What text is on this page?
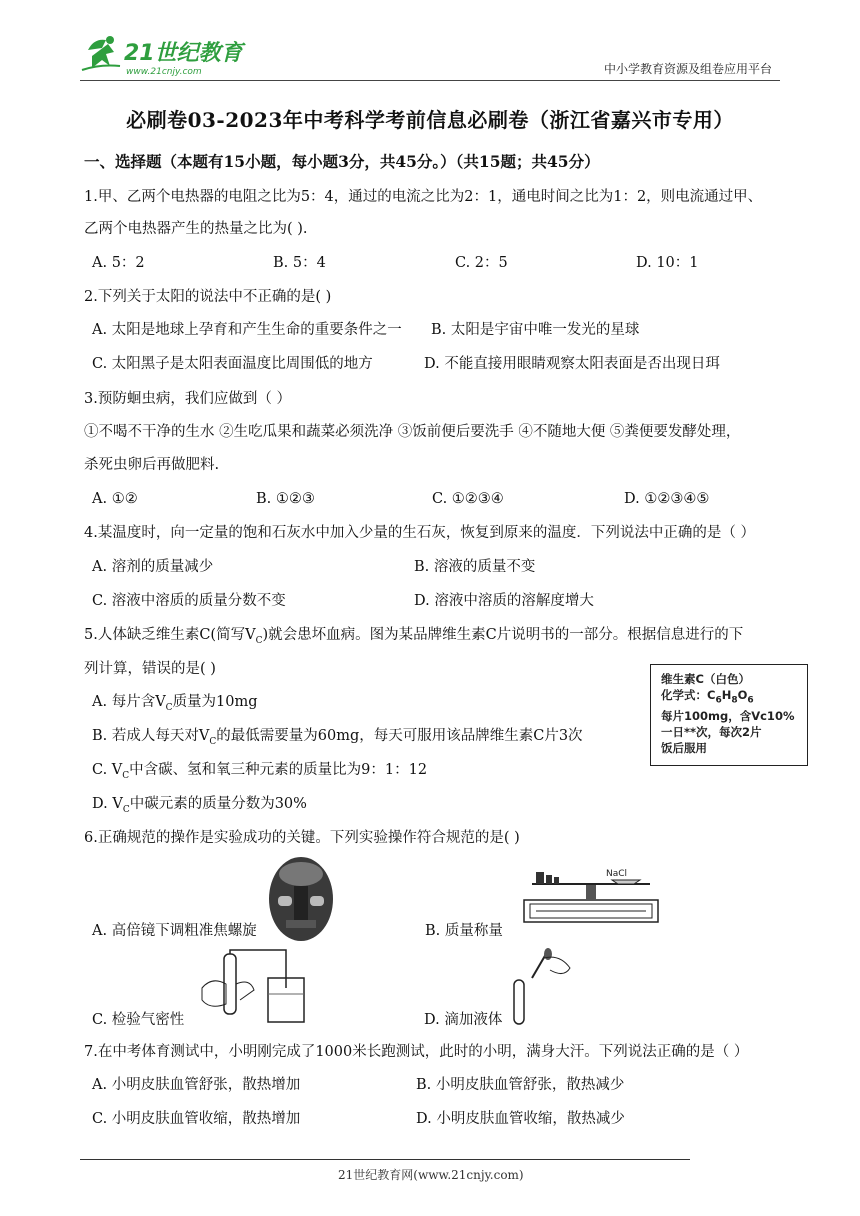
21世纪教育
www.21cnjy.com	中小学教育资源及组卷应用平台
必刷卷03-2023年中考科学考前信息必刷卷（浙江省嘉兴市专用）
一、选择题（本题有15小题，每小题3分，共45分。）（共15题；共45分）
1.甲、乙两个电热器的电阻之比为5：4，通过的电流之比为2：1，通电时间之比为1：2，则电流通过甲、
乙两个电热器产生的热量之比为( ).
A. 5：2	B. 5：4	C. 2：5	D. 10：1
2.下列关于太阳的说法中不正确的是( )
A. 太阳是地球上孕育和产生生命的重要条件之一 B. 太阳是宇宙中唯一发光的星球
C. 太阳黑子是太阳表面温度比周围低的地方	D. 不能直接用眼睛观察太阳表面是否出现日珥
3.预防蛔虫病，我们应做到（ ）
①不喝不干净的生水 ②生吃瓜果和蔬菜必须洗净 ③饭前便后要洗手 ④不随地大便 ⑤粪便要发酵处理，
杀死虫卵后再做肥料.
A. ①②	B. ①②③	C. ①②③④	D. ①②③④⑤
4.某温度时，向一定量的饱和石灰水中加入少量的生石灰，恢复到原来的温度．下列说法中正确的是（ ）
A. 溶剂的质量减少	B. 溶液的质量不变
C. 溶液中溶质的质量分数不变	D. 溶液中溶质的溶解度增大
5.人体缺乏维生素C(简写$V_C$)就会患坏血病。图为某品牌维生素C片说明书的一部分。根据信息进行的下
列计算，错误的是( )
A. 每片含$V_C$质量为10mg
B. 若成人每天对$V_C$的最低需要量为60mg，每天可服用该品牌维生素C片3次
C. $V_C$中含碳、氢和氧三种元素的质量比为9：1：12
D. $V_C$中碳元素的质量分数为30%
维生素C（白色）
化学式：$C_6H_8O_6$
每片100mg，含Vc10%
一日**次，每次2片
饭后服用
6.正确规范的操作是实验成功的关键。下列实验操作符合规范的是( )
A. 高倍镜下调粗准焦螺旋
NaCl
B. 质量称量
C. 检验气密性	D. 滴加液体
7.在中考体育测试中，小明刚完成了1000米长跑测试，此时的小明，满身大汗。下列说法正确的是（ ）
A. 小明皮肤血管舒张，散热增加	B. 小明皮肤血管舒张，散热减少
C. 小明皮肤血管收缩，散热增加	D. 小明皮肤血管收缩，散热减少
21世纪教育网(www.21cnjy.com)
